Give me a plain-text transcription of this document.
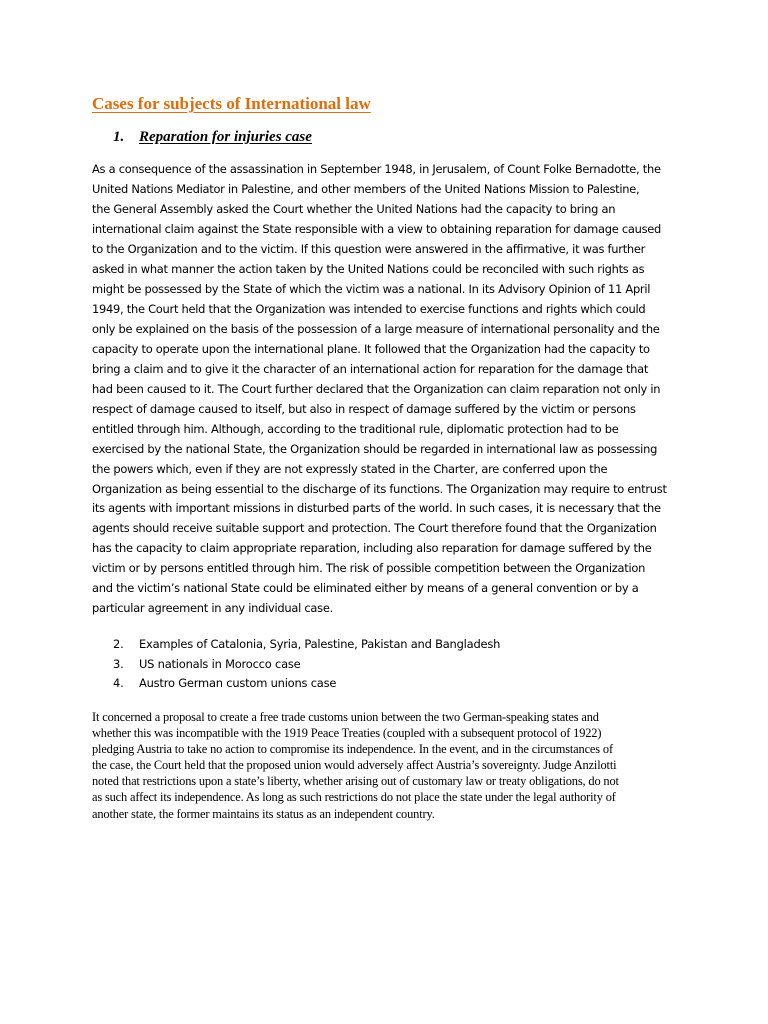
Cases for subjects of International law
1. Reparation for injuries case

As a consequence of the assassination in September 1948, in Jerusalem, of Count Folke Bernadotte, the
United Nations Mediator in Palestine, and other members of the United Nations Mission to Palestine,
the General Assembly asked the Court whether the United Nations had the capacity to bring an
international claim against the State responsible with a view to obtaining reparation for damage caused
to the Organization and to the victim. If this question were answered in the affirmative, it was further
asked in what manner the action taken by the United Nations could be reconciled with such rights as
might be possessed by the State of which the victim was a national. In its Advisory Opinion of 11 April
1949, the Court held that the Organization was intended to exercise functions and rights which could
only be explained on the basis of the possession of a large measure of international personality and the
capacity to operate upon the international plane. It followed that the Organization had the capacity to
bring a claim and to give it the character of an international action for reparation for the damage that
had been caused to it. The Court further declared that the Organization can claim reparation not only in
respect of damage caused to itself, but also in respect of damage suffered by the victim or persons
entitled through him. Although, according to the traditional rule, diplomatic protection had to be
exercised by the national State, the Organization should be regarded in international law as possessing
the powers which, even if they are not expressly stated in the Charter, are conferred upon the
Organization as being essential to the discharge of its functions. The Organization may require to entrust
its agents with important missions in disturbed parts of the world. In such cases, it is necessary that the
agents should receive suitable support and protection. The Court therefore found that the Organization
has the capacity to claim appropriate reparation, including also reparation for damage suffered by the
victim or by persons entitled through him. The risk of possible competition between the Organization
and the victim’s national State could be eliminated either by means of a general convention or by a
particular agreement in any individual case.

2. Examples of Catalonia, Syria, Palestine, Pakistan and Bangladesh
3. US nationals in Morocco case
4. Austro German custom unions case

It concerned a proposal to create a free trade customs union between the two German-speaking states and
whether this was incompatible with the 1919 Peace Treaties (coupled with a subsequent protocol of 1922)
pledging Austria to take no action to compromise its independence. In the event, and in the circumstances of
the case, the Court held that the proposed union would adversely affect Austria’s sovereignty. Judge Anzilotti
noted that restrictions upon a state’s liberty, whether arising out of customary law or treaty obligations, do not
as such affect its independence. As long as such restrictions do not place the state under the legal authority of
another state, the former maintains its status as an independent country.
